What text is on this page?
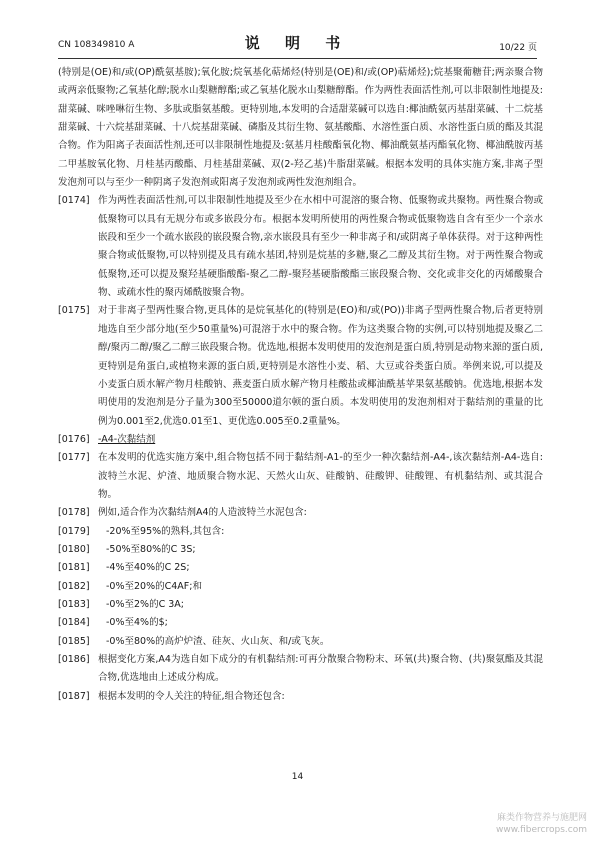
CN 108349810 A	说 明 书	10/22 页

(特别是(OE)和/或(OP)酰氨基胺);氧化胺;烷氧基化萜烯烃(特别是(OE)和/或(OP)萜烯烃);烷基聚葡糖苷;两亲聚合物或两亲低聚物;乙氧基化醇;脱水山梨糖醇酯;或乙氧基化脱水山梨糖醇酯。作为两性表面活性剂,可以非限制性地提及:甜菜碱、咪唑啉衍生物、多肽或脂氨基酸。更特别地,本发明的合适甜菜碱可以选自:椰油酰氨丙基甜菜碱、十二烷基甜菜碱、十六烷基甜菜碱、十八烷基甜菜碱、磷脂及其衍生物、氨基酸酯、水溶性蛋白质、水溶性蛋白质的酯及其混合物。作为阳离子表面活性剂,还可以非限制性地提及:氨基月桂酸酯氧化物、椰油酰氨基丙酯氧化物、椰油酰胺丙基二甲基胺氧化物、月桂基丙酸酯、月桂基甜菜碱、双(2-羟乙基)牛脂甜菜碱。根据本发明的具体实施方案,非离子型发泡剂可以与至少一种阴离子发泡剂或阳离子发泡剂或两性发泡剂组合。

[0174] 作为两性表面活性剂,可以非限制性地提及至少在水相中可混溶的聚合物、低聚物或共聚物。两性聚合物或低聚物可以具有无规分布或多嵌段分布。根据本发明所使用的两性聚合物或低聚物选自含有至少一个亲水嵌段和至少一个疏水嵌段的嵌段聚合物,亲水嵌段具有至少一种非离子和/或阴离子单体获得。对于这种两性聚合物或低聚物,可以特别提及具有疏水基团,特别是烷基的多糖,聚乙二醇及其衍生物。对于两性聚合物或低聚物,还可以提及聚羟基硬脂酸酯-聚乙二醇-聚羟基硬脂酸酯三嵌段聚合物、交化或非交化的丙烯酸聚合物、或疏水性的聚丙烯酰胺聚合物。
[0175] 对于非离子型两性聚合物,更具体的是烷氧基化的(特别是(EO)和/或(PO))非离子型两性聚合物,后者更特别地选自至少部分地(至少50重量%)可混溶于水中的聚合物。作为这类聚合物的实例,可以特别地提及聚乙二醇/聚丙二醇/聚乙二醇三嵌段聚合物。优选地,根据本发明使用的发泡剂是蛋白质,特别是动物来源的蛋白质,更特别是角蛋白,或植物来源的蛋白质,更特别是水溶性小麦、稻、大豆或谷类蛋白质。举例来说,可以提及小麦蛋白质水解产物月桂酸钠、燕麦蛋白质水解产物月桂酸盐或椰油酰基苹果氨基酸钠。优选地,根据本发明使用的发泡剂是分子量为300至50000道尔顿的蛋白质。本发明使用的发泡剂相对于黏结剂的重量的比例为0.001至2,优选0.01至1、更优选0.005至0.2重量%。
[0176] -A4-次黏结剂
[0177] 在本发明的优选实施方案中,组合物包括不同于黏结剂-A1-的至少一种次黏结剂-A4-,该次黏结剂-A4-选自:波特兰水泥、炉渣、地质聚合物水泥、天然火山灰、硅酸钠、硅酸钾、硅酸锂、有机黏结剂、或其混合物。
[0178] 例如,适合作为次黏结剂A4的人造波特兰水泥包含:
[0179]	-20%至95%的熟料,其包含:
[0180]	-50%至80%的C 3S;
[0181]	-4%至40%的C 2S;
[0182]	-0%至20%的C4AF;和
[0183]	-0%至2%的C 3A;
[0184]	-0%至4%的$;
[0185]	-0%至80%的高炉炉渣、硅灰、火山灰、和/或飞灰。
[0186] 根据变化方案,A4为选自如下成分的有机黏结剂:可再分散聚合物粉末、环氧(共)聚合物、(共)聚氨酯及其混合物,优选地由上述成分构成。
[0187] 根据本发明的令人关注的特征,组合物还包含:
14
麻类作物营养与施肥网
www.fibercrops.com
